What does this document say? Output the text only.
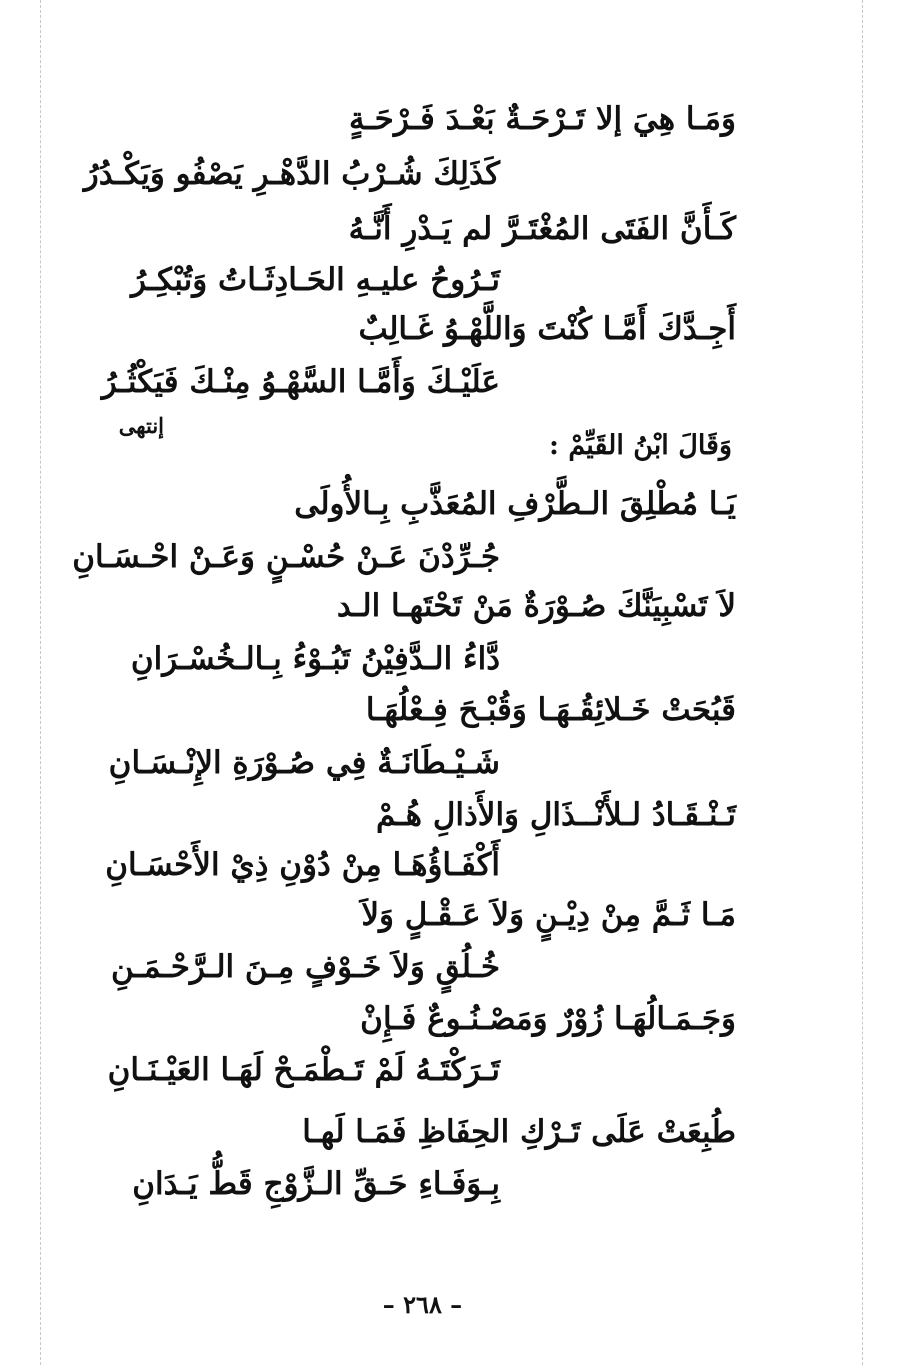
وَمَـا هِيَ إلا تَـرْحَـةٌ بَعْـدَ فَـرْحَـةٍ
كَذَلِكَ شُـرْبُ الدَّهْـرِ يَصْفُو وَيَكْـدُرُ
كَـأَنَّ الفَتَى المُغْتَـرَّ لم يَـدْرِ أَنَّـهُ
تَـرُوحُ عليـهِ الحَـادِثَـاتُ وَتُبْكِـرُ
أَجِـدَّكَ أَمَّـا كُنْتَ وَاللَّهْـوُ غَـالِبٌ
عَلَيْـكَ وَأَمَّـا السَّهْـوُ مِنْـكَ فَيَكْثُـرُ
إنتهى
وَقَالَ ابْنُ القَيِّمْ :
يَـا مُطْلِقَ الـطَّرْفِ المُعَذَّبِ بِـالأُولَى
جُـرِّدْنَ عَـنْ حُسْـنٍ وَعَـنْ احْـسَـانِ
لاَ تَسْبِيَنَّكَ صُـوْرَةٌ مَنْ تَحْتَهـا الـد
دَّاءُ الـدَّفِيْنُ تَبُـوْءُ بِـالـخُسْـرَانِ
قَبُحَتْ خَـلائِقُـهَـا وَقُبْـحَ فِـعْلُهَـا
شَـيْـطَانَـةٌ فِي صُـوْرَةِ الإِنْـسَـانِ
تَـنْـقَـادُ لـلأَنْــذَالِ وَالأَذالِ هُـمْ
أَكْفَـاؤُهَـا مِنْ دُوْنِ ذِيْ الأَحْسَـانِ
مَـا ثَـمَّ مِنْ دِيْـنٍ وَلاَ عَـقْـلٍ وَلاَ
خُـلُقٍ وَلاَ خَـوْفٍ مِـنَ الـرَّحْـمَـنِ
وَجَـمَـالُهَـا زُوْرٌ وَمَصْـنُـوعٌ فَـإِنْ
تَـرَكْتَـهُ لَمْ تَـطْمَـحْ لَهَـا العَيْـنَـانِ
طُبِعَتْ عَلَى تَـرْكِ الحِفَاظِ فَمَـا لَهـا
بِـوَفَـاءِ حَـقِّ الـزَّوْجِ قَطُّ يَـدَانِ
– ٢٦٨ –
